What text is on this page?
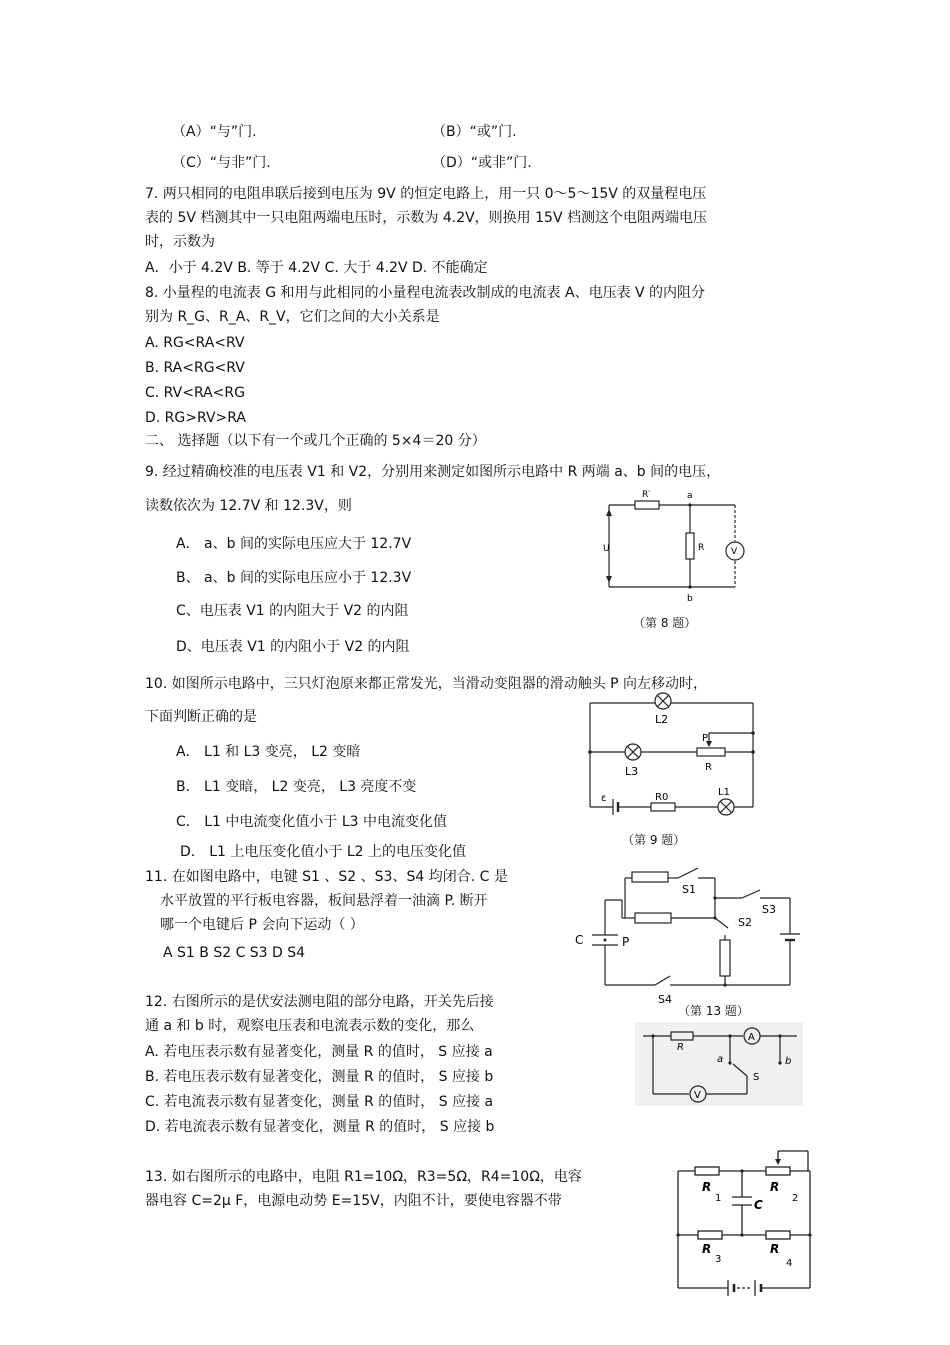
（A）“与”门.	（B）“或”门.
（C）“与非”门.	（D）“或非”门.
7. 两只相同的电阻串联后接到电压为 9V 的恒定电路上，用一只 0～5～15V 的双量程电压
表的 5V 档测其中一只电阻两端电压时，示数为 4.2V，则换用 15V 档测这个电阻两端电压
时，示数为
A．小于 4.2V B. 等于 4.2V C. 大于 4.2V D. 不能确定
8. 小量程的电流表 G 和用与此相同的小量程电流表改制成的电流表 A、电压表 V 的内阻分
别为 R_G、R_A、R_V，它们之间的大小关系是
A. RG<RA<RV
B. RA<RG<RV
C. RV<RA<RG
D. RG>RV>RA
二、 选择题（以下有一个或几个正确的 5×4＝20 分）
9. 经过精确校准的电压表 V1 和 V2，分别用来测定如图所示电路中 R 两端 a、b 间的电压，
读数依次为 12.7V 和 12.3V，则
A． a、b 间的实际电压应大于 12.7V
B、 a、b 间的实际电压应小于 12.3V
C、电压表 V1 的内阻大于 V2 的内阻
D、电压表 V1 的内阻小于 V2 的内阻
R′	a
b
U	R	V
（第 8 题）
10. 如图所示电路中，三只灯泡原来都正常发光，当滑动变阻器的滑动触头 P 向左移动时，
下面判断正确的是
A． L1 和 L3 变亮， L2 变暗
B． L1 变暗， L2 变亮， L3 亮度不变
C． L1 中电流变化值小于 L3 中电流变化值
D． L1 上电压变化值小于 L2 上的电压变化值
L2
L3
P
R
ε	R0	L1
（第 9 题）
11. 在如图电路中，电键 S1 、S2 、S3、S4 均闭合. C 是
水平放置的平行板电容器，板间悬浮着一油滴 P. 断开
哪一个电键后 P 会向下运动（ ）
A S1 B S2 C S3 D S4
S1
S2
S3
S4
C	P
（第 13 题）
12. 右图所示的是伏安法测电阻的部分电路，开关先后接
通 a 和 b 时，观察电压表和电流表示数的变化，那么
A. 若电压表示数有显著变化，测量 R 的值时， S 应接 a
B. 若电压表示数有显著变化，测量 R 的值时， S 应接 b
C. 若电流表示数有显著变化，测量 R 的值时， S 应接 a
D. 若电流表示数有显著变化，测量 R 的值时， S 应接 b
R
A
a	b
S
V
13. 如右图所示的电路中，电阻 R1=10Ω，R3=5Ω，R4=10Ω，电容
器电容 C=2μ F，电源电动势 E=15V，内阻不计，要使电容器不带
R
1	C
R
2
R
3
R
4
